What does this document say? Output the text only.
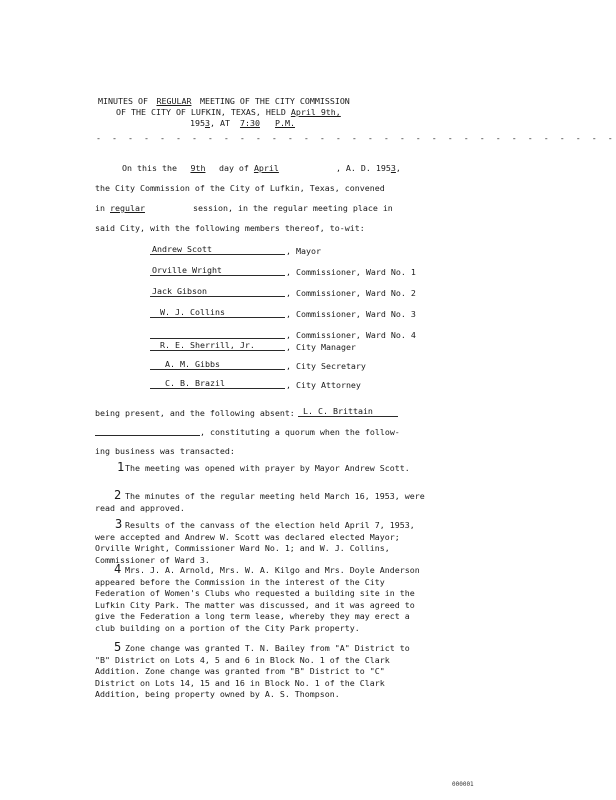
MINUTES OF REGULAR MEETING OF THE CITY COMMISSION
OF THE CITY OF LUFKIN, TEXAS, HELD April 9th,
1953, AT 7:30 P.M.
- - - - - - - - - - - - - - - - - - - - - - - - - - - - - - - - -
On this the 9th day of April	, A. D. 1953,
the City Commission of the City of Lufkin, Texas, convened
in regular	session, in the regular meeting place in
said City, with the following members thereof, to-wit:
Andrew Scott	, Mayor
Orville Wright	, Commissioner, Ward No. 1
Jack Gibson	, Commissioner, Ward No. 2
W. J. Collins	, Commissioner, Ward No. 3
, Commissioner, Ward No. 4
R. E. Sherrill, Jr.	, City Manager
A. M. Gibbs	, City Secretary
C. B. Brazil	, City Attorney
being present, and the following absent: L. C. Brittain
, constituting a quorum when the follow-
ing business was transacted:
1 The meeting was opened with prayer by Mayor Andrew Scott.
2 The minutes of the regular meeting held March 16, 1953, were read and approved.
3 Results of the canvass of the election held April 7, 1953, were accepted and Andrew W. Scott was declared elected Mayor; Orville Wright, Commissioner Ward No. 1; and W. J. Collins, Commissioner of Ward 3.
4 Mrs. J. A. Arnold, Mrs. W. A. Kilgo and Mrs. Doyle Anderson appeared before the Commission in the interest of the City Federation of Women's Clubs who requested a building site in the Lufkin City Park. The matter was discussed, and it was agreed to give the Federation a long term lease, whereby they may erect a club building on a portion of the City Park property.
5 Zone change was granted T. N. Bailey from "A" District to "B" District on Lots 4, 5 and 6 in Block No. 1 of the Clark Addition. Zone change was granted from "B" District to "C" District on Lots 14, 15 and 16 in Block No. 1 of the Clark Addition, being property owned by A. S. Thompson.
000001
